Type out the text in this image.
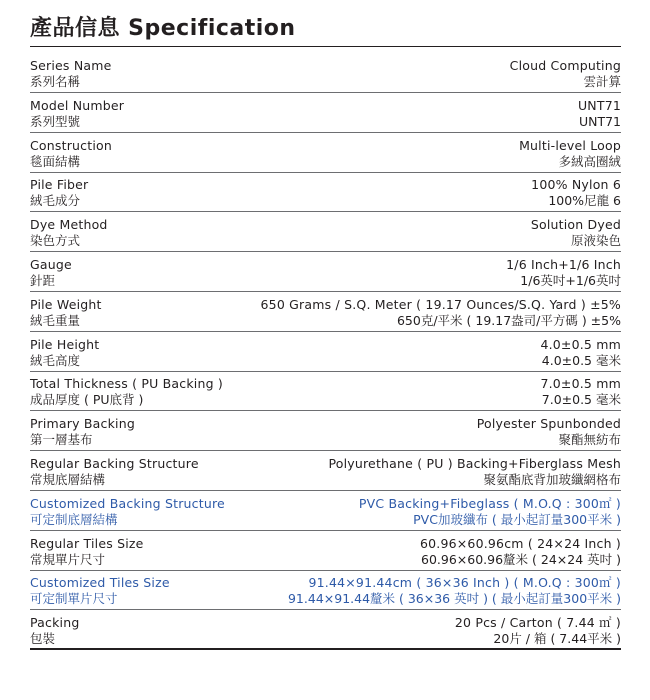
產品信息 Specification
Series Name
系列名稱
Cloud Computing
雲計算
Model Number
系列型號
UNT71
UNT71
Construction
毯面結構
Multi-level Loop
多絨高圈絨
Pile Fiber
絨毛成分
100% Nylon 6
100%尼龍 6
Dye Method
染色方式
Solution Dyed
原液染色
Gauge
針距
1/6 Inch+1/6 Inch
1/6英吋+1/6英吋
Pile Weight
絨毛重量
650 Grams / S.Q. Meter ( 19.17 Ounces/S.Q. Yard ) ±5%
650克/平米 ( 19.17盎司/平方碼 ) ±5%
Pile Height
絨毛高度
4.0±0.5 mm
4.0±0.5 毫米
Total Thickness ( PU Backing )
成品厚度 ( PU底背 )
7.0±0.5 mm
7.0±0.5 毫米
Primary Backing
第一層基布
Polyester Spunbonded
聚酯無紡布
Regular Backing Structure
常規底層結構
Polyurethane ( PU ) Backing+Fiberglass Mesh
聚氨酯底背加玻纖網格布
Customized Backing Structure
可定制底層結構
PVC Backing+Fibeglass ( M.O.Q : 300㎡ )
PVC加玻纖布 ( 最小起訂量300平米 )
Regular Tiles Size
常規單片尺寸
60.96×60.96cm ( 24×24 Inch )
60.96×60.96釐米 ( 24×24 英吋 )
Customized Tiles Size
可定制單片尺寸
91.44×91.44cm ( 36×36 Inch ) ( M.O.Q : 300㎡ )
91.44×91.44釐米 ( 36×36 英吋 ) ( 最小起訂量300平米 )
Packing
包裝
20 Pcs / Carton ( 7.44 ㎡ )
20片 / 箱 ( 7.44平米 )
